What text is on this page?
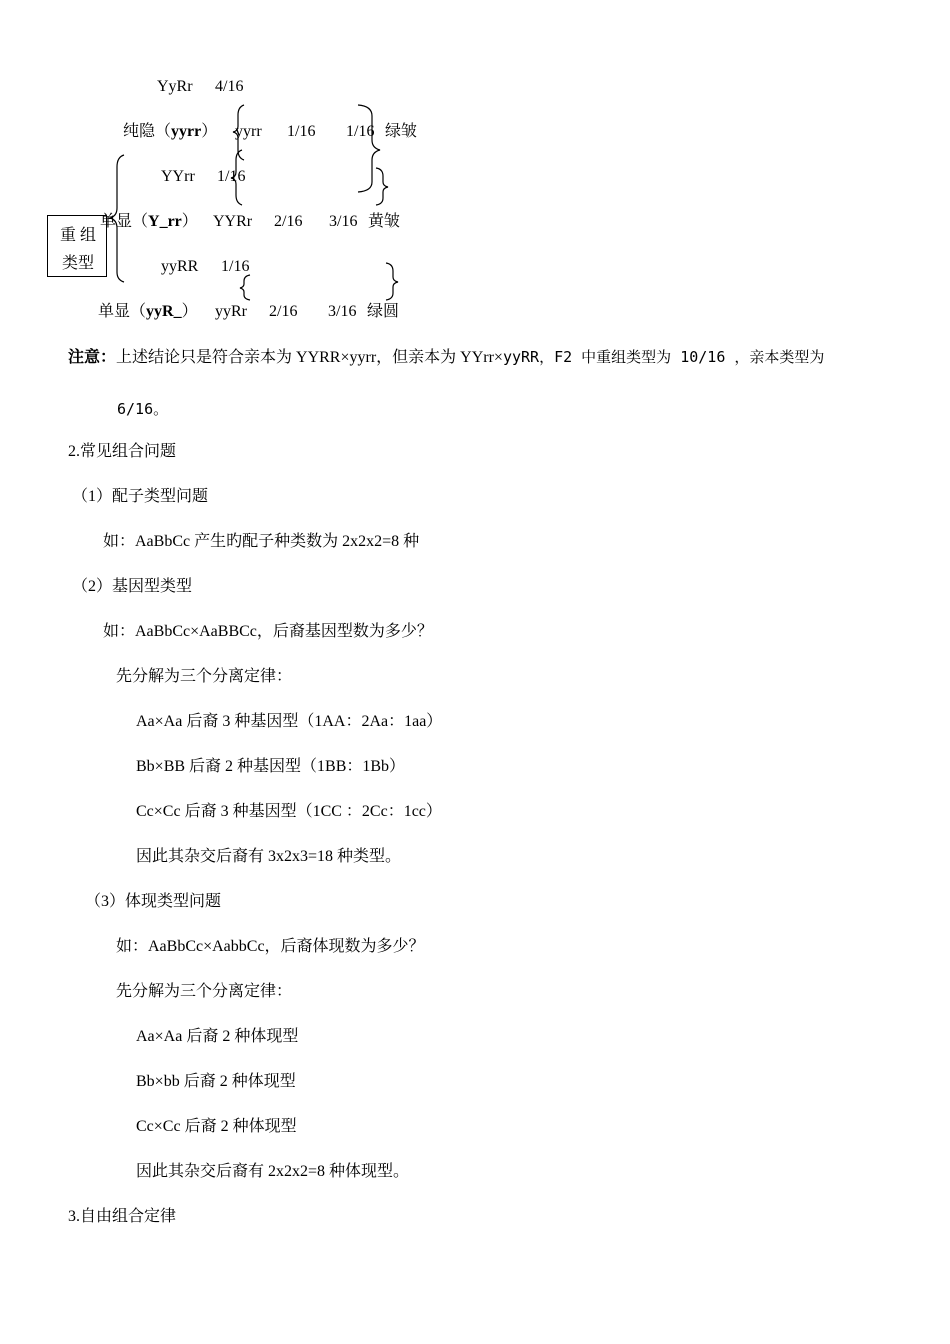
YyRr 4/16
纯隐（yyrr） yyrr 1/16 1/16 绿皱
YYrr 1/16
单显（Y_rr） YYRr 2/16 3/16 黄皱
yyRR 1/16
单显（yyR_） yyRr 2/16 3/16 绿圆
重 组
类型
注意：上述结论只是符合亲本为 YYRR×yyrr，但亲本为 YYrr×yyRR，F2 中重组类型为 10/16 ，亲本类型为
6/16。
2.常见组合问题
（1）配子类型问题
如：AaBbCc 产生旳配子种类数为 2x2x2=8 种
（2）基因型类型
如：AaBbCc×AaBBCc，后裔基因型数为多少？
先分解为三个分离定律：
Aa×Aa 后裔 3 种基因型（1AA：2Aa：1aa）
Bb×BB 后裔 2 种基因型（1BB：1Bb）
Cc×Cc 后裔 3 种基因型（1CC ：2Cc：1cc）
因此其杂交后裔有 3x2x3=18 种类型。
（3）体现类型问题
如：AaBbCc×AabbCc，后裔体现数为多少？
先分解为三个分离定律：
Aa×Aa 后裔 2 种体现型
Bb×bb 后裔 2 种体现型
Cc×Cc 后裔 2 种体现型
因此其杂交后裔有 2x2x2=8 种体现型。
3.自由组合定律
